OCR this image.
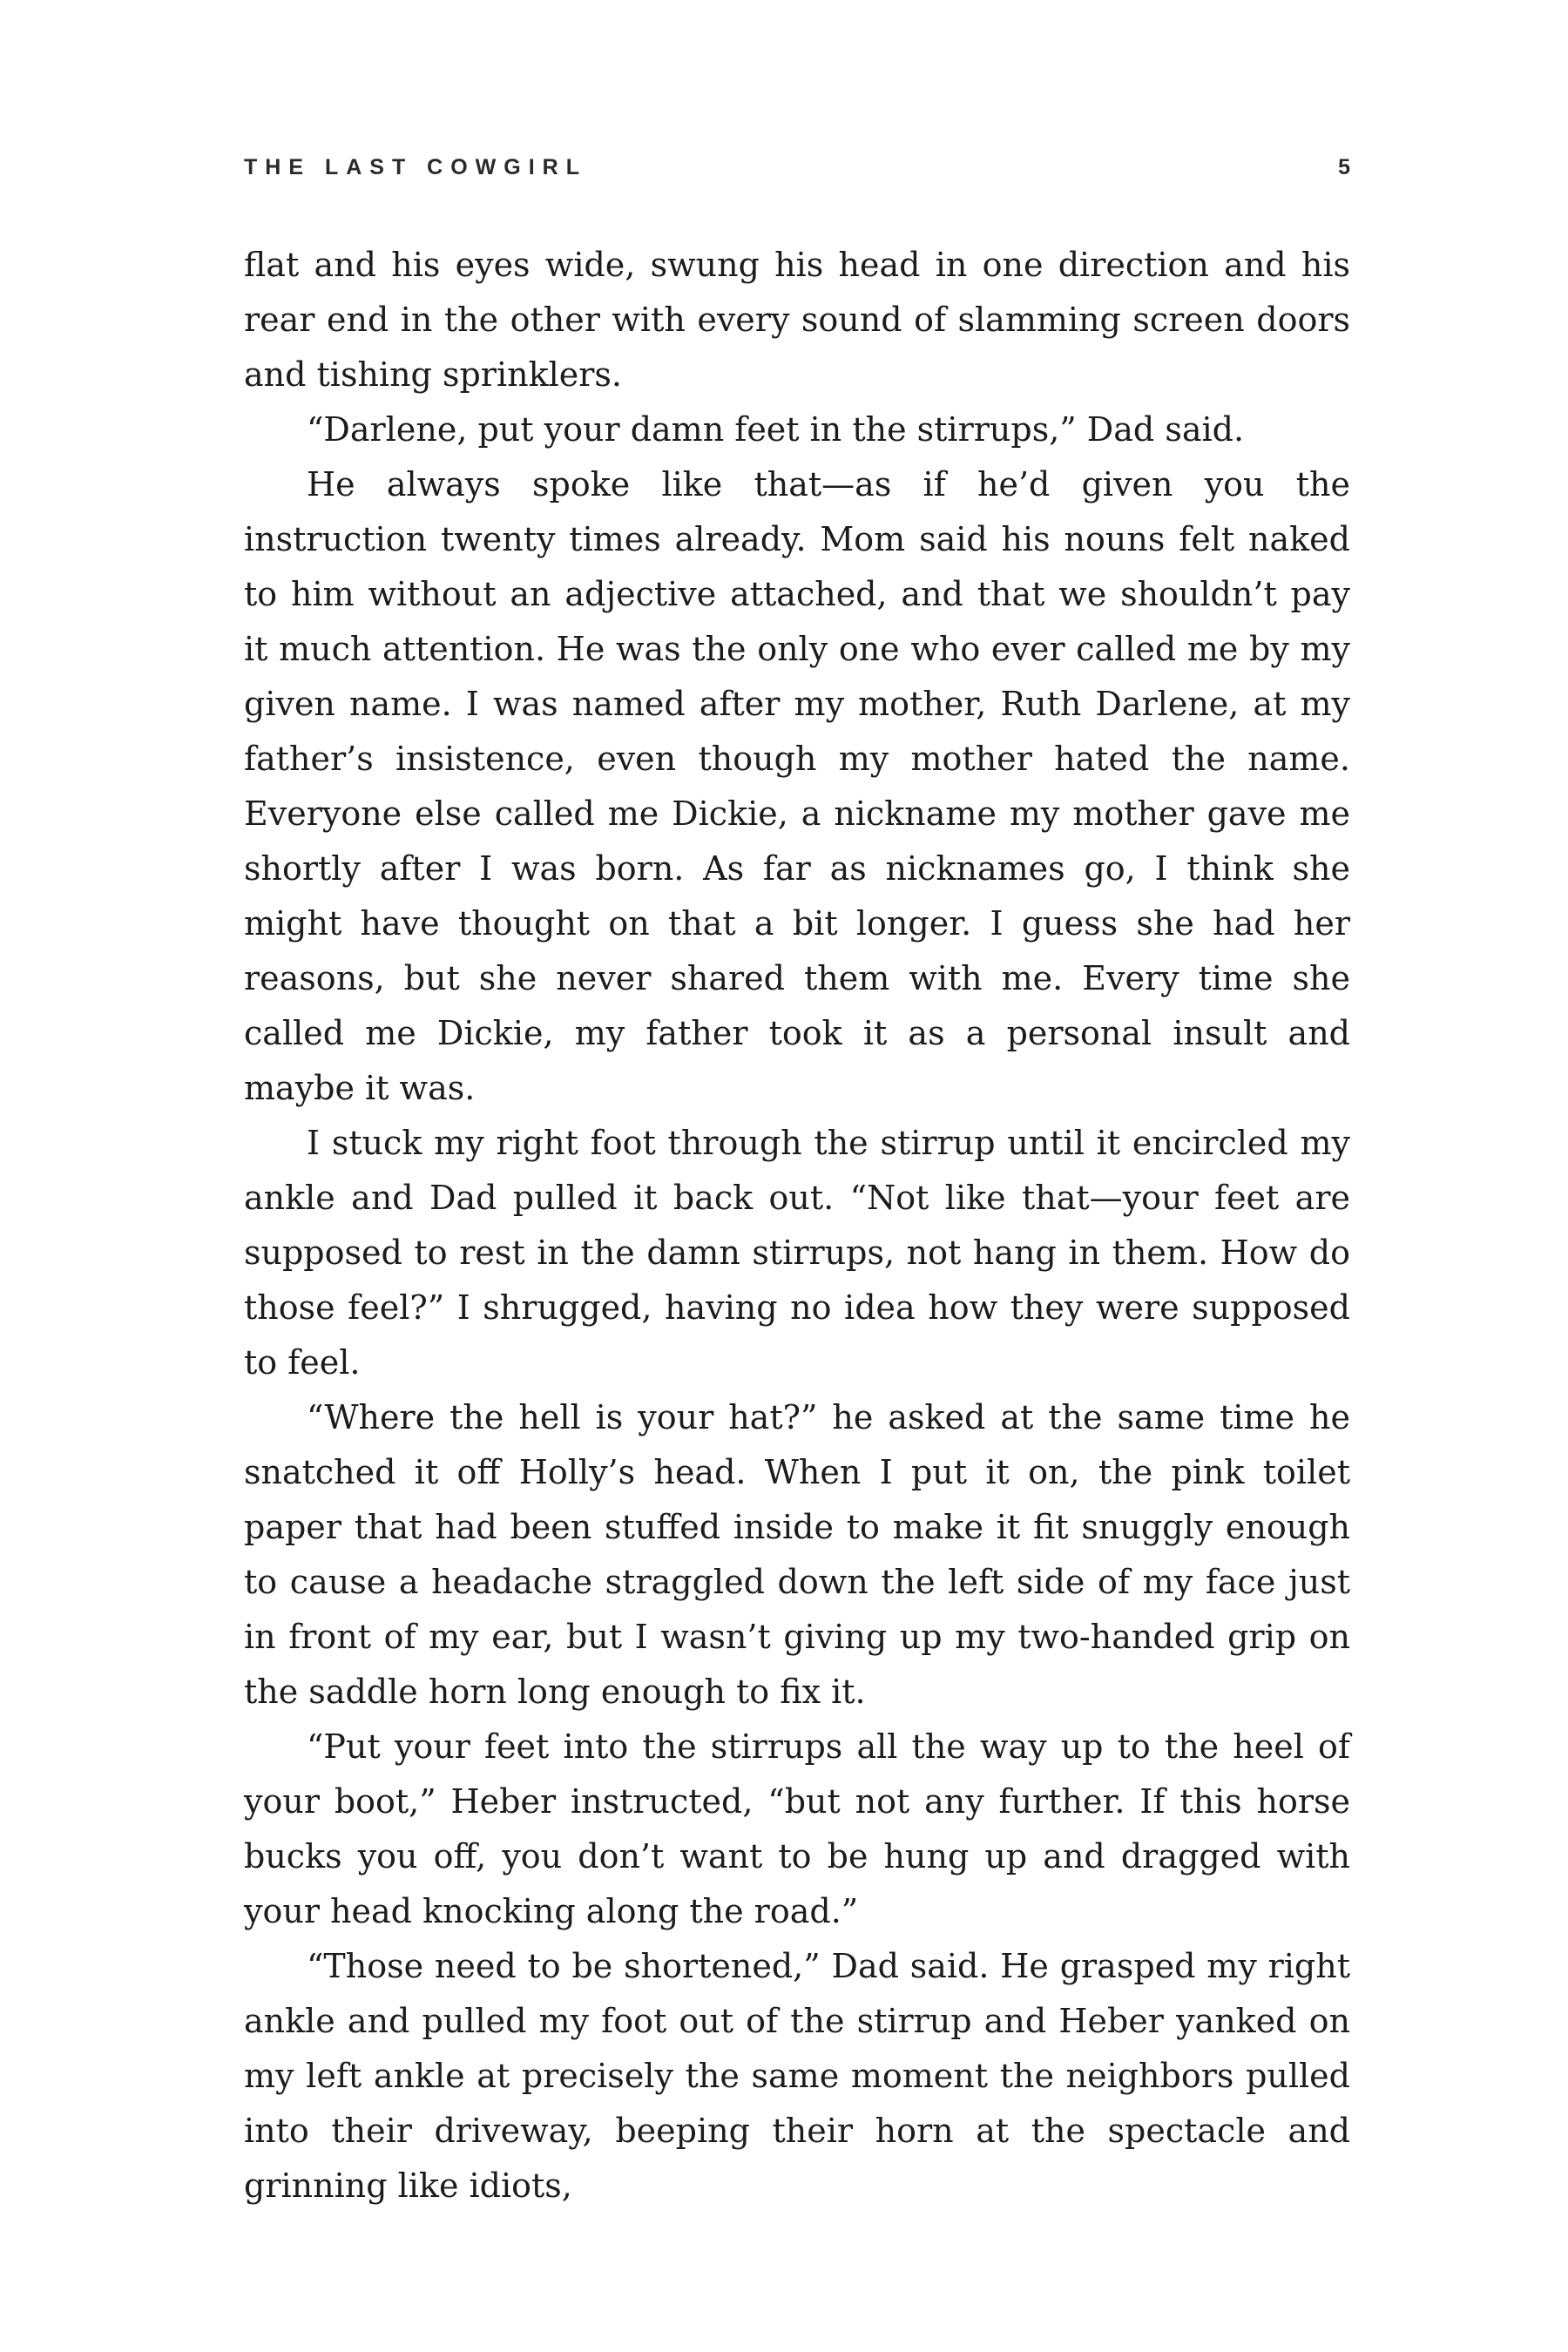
THE LAST COWGIRL	5

flat and his eyes wide, swung his head in one direction and his rear end in the other with every sound of slamming screen doors and tishing sprinklers.

“Darlene, put your damn feet in the stirrups,” Dad said.

He always spoke like that—as if he’d given you the instruction twenty times already. Mom said his nouns felt naked to him without an adjective attached, and that we shouldn’t pay it much attention. He was the only one who ever called me by my given name. I was named after my mother, Ruth Darlene, at my father’s insistence, even though my mother hated the name. Everyone else called me Dickie, a nickname my mother gave me shortly after I was born. As far as nicknames go, I think she might have thought on that a bit longer. I guess she had her reasons, but she never shared them with me. Every time she called me Dickie, my father took it as a personal insult and maybe it was.

I stuck my right foot through the stirrup until it encircled my ankle and Dad pulled it back out. “Not like that—your feet are supposed to rest in the damn stirrups, not hang in them. How do those feel?” I shrugged, having no idea how they were supposed to feel.

“Where the hell is your hat?” he asked at the same time he snatched it off Holly’s head. When I put it on, the pink toilet paper that had been stuffed inside to make it fit snuggly enough to cause a headache straggled down the left side of my face just in front of my ear, but I wasn’t giving up my two-handed grip on the saddle horn long enough to fix it.

“Put your feet into the stirrups all the way up to the heel of your boot,” Heber instructed, “but not any further. If this horse bucks you off, you don’t want to be hung up and dragged with your head knocking along the road.”

“Those need to be shortened,” Dad said. He grasped my right ankle and pulled my foot out of the stirrup and Heber yanked on my left ankle at precisely the same moment the neighbors pulled into their driveway, beeping their horn at the spectacle and grinning like idiots,
